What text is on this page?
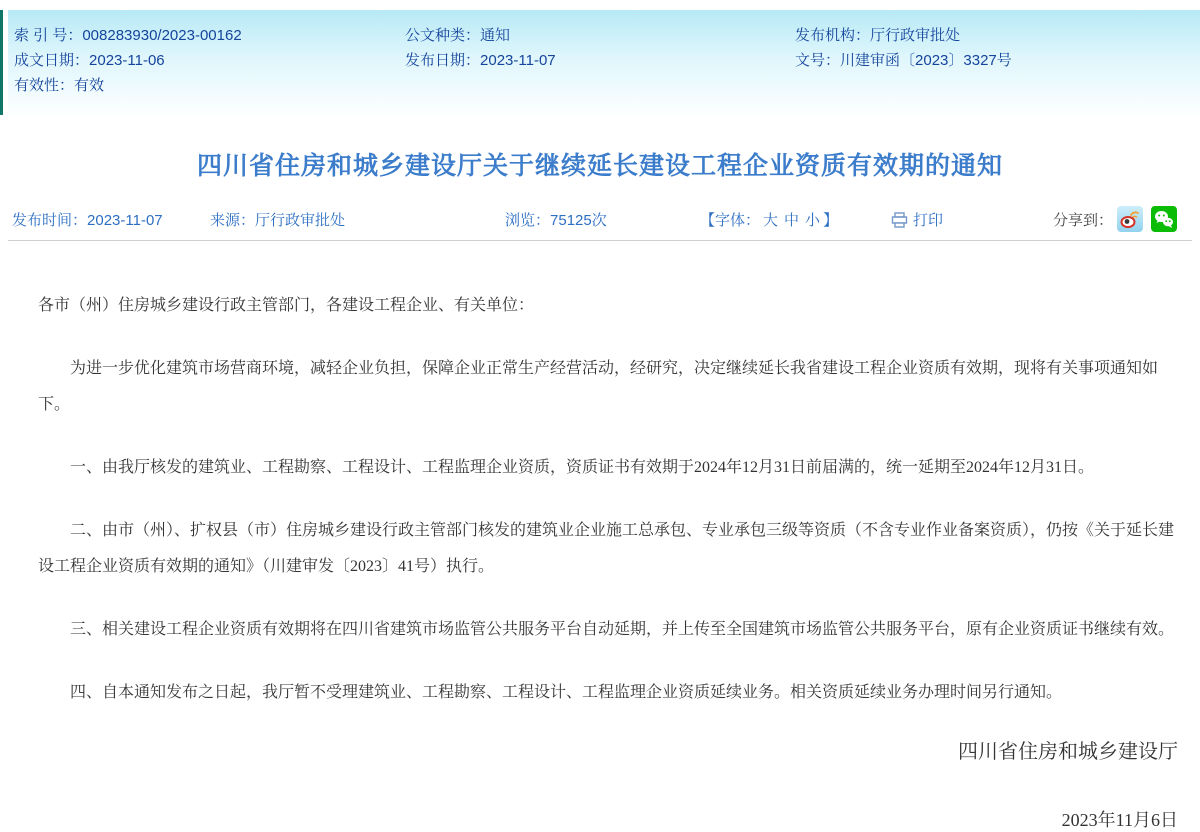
索 引 号：008283930/2023-00162	公文种类：通知	发布机构：厅行政审批处
成文日期：2023-11-06	发布日期：2023-11-07	文号：川建审函〔2023〕3327号
有效性：有效
四川省住房和城乡建设厅关于继续延长建设工程企业资质有效期的通知
发布时间：2023-11-07	来源：厅行政审批处	浏览：75125次	【字体： 大 中 小 】	打印	分享到：

各市（州）住房城乡建设行政主管部门，各建设工程企业、有关单位：

为进一步优化建筑市场营商环境，减轻企业负担，保障企业正常生产经营活动，经研究，决定继续延长我省建设工程企业资质有效期，现将有关事项通知如下。

一、由我厅核发的建筑业、工程勘察、工程设计、工程监理企业资质，资质证书有效期于2024年12月31日前届满的，统一延期至2024年12月31日。

二、由市（州）、扩权县（市）住房城乡建设行政主管部门核发的建筑业企业施工总承包、专业承包三级等资质（不含专业作业备案资质），仍按《关于延长建设工程企业资质有效期的通知》（川建审发〔2023〕41号）执行。

三、相关建设工程企业资质有效期将在四川省建筑市场监管公共服务平台自动延期，并上传至全国建筑市场监管公共服务平台，原有企业资质证书继续有效。

四、自本通知发布之日起，我厅暂不受理建筑业、工程勘察、工程设计、工程监理企业资质延续业务。相关资质延续业务办理时间另行通知。

四川省住房和城乡建设厅
2023年11月6日
